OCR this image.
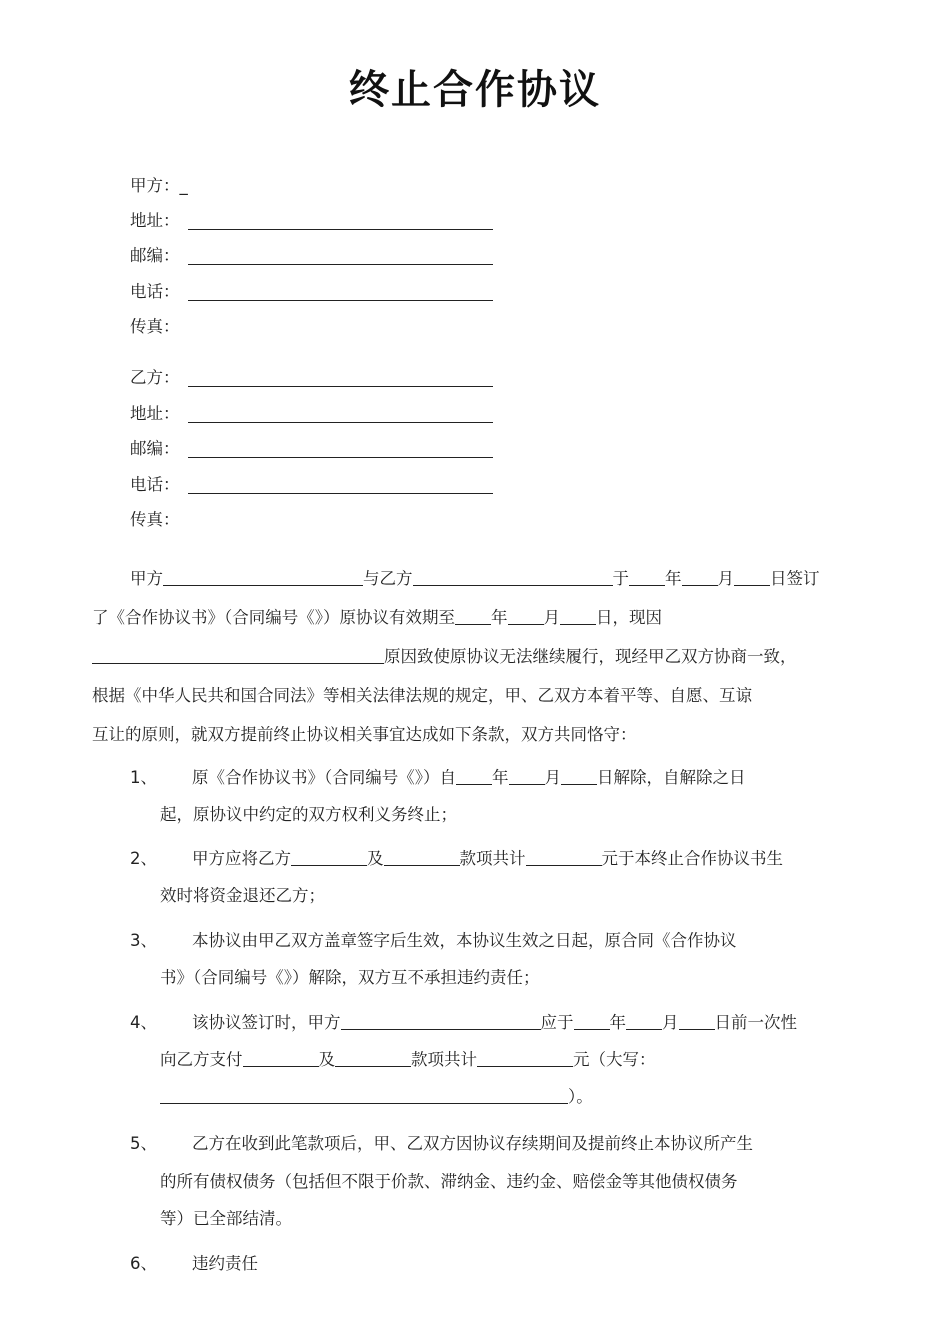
终止合作协议
甲方：_
地址：
邮编：
电话：
传真：
乙方：
地址：
邮编：
电话：
传真：
甲方	与乙方	于 年 月 日签订
了《合作协议书》（合同编号《》）原协议有效期至 年 月 日，现因
原因致使原协议无法继续履行，现经甲乙双方协商一致，
根据《中华人民共和国合同法》等相关法律法规的规定，甲、乙双方本着平等、自愿、互谅
互让的原则，就双方提前终止协议相关事宜达成如下条款，双方共同恪守：
1、 原《合作协议书》（合同编号《》）自 年 月 日解除，自解除之日
起，原协议中约定的双方权利义务终止；
2、 甲方应将乙方	及	款项共计	元于本终止合作协议书生
效时将资金退还乙方；
3、 本协议由甲乙双方盖章签字后生效，本协议生效之日起，原合同《合作协议
书》（合同编号《》）解除，双方互不承担违约责任；
4、 该协议签订时，甲方	应于 年 月 日前一次性
向乙方支付	及	款项共计	元（大写：
）。
5、 乙方在收到此笔款项后，甲、乙双方因协议存续期间及提前终止本协议所产生
的所有债权债务（包括但不限于价款、滞纳金、违约金、赔偿金等其他债权债务
等）已全部结清。
6、 违约责任
